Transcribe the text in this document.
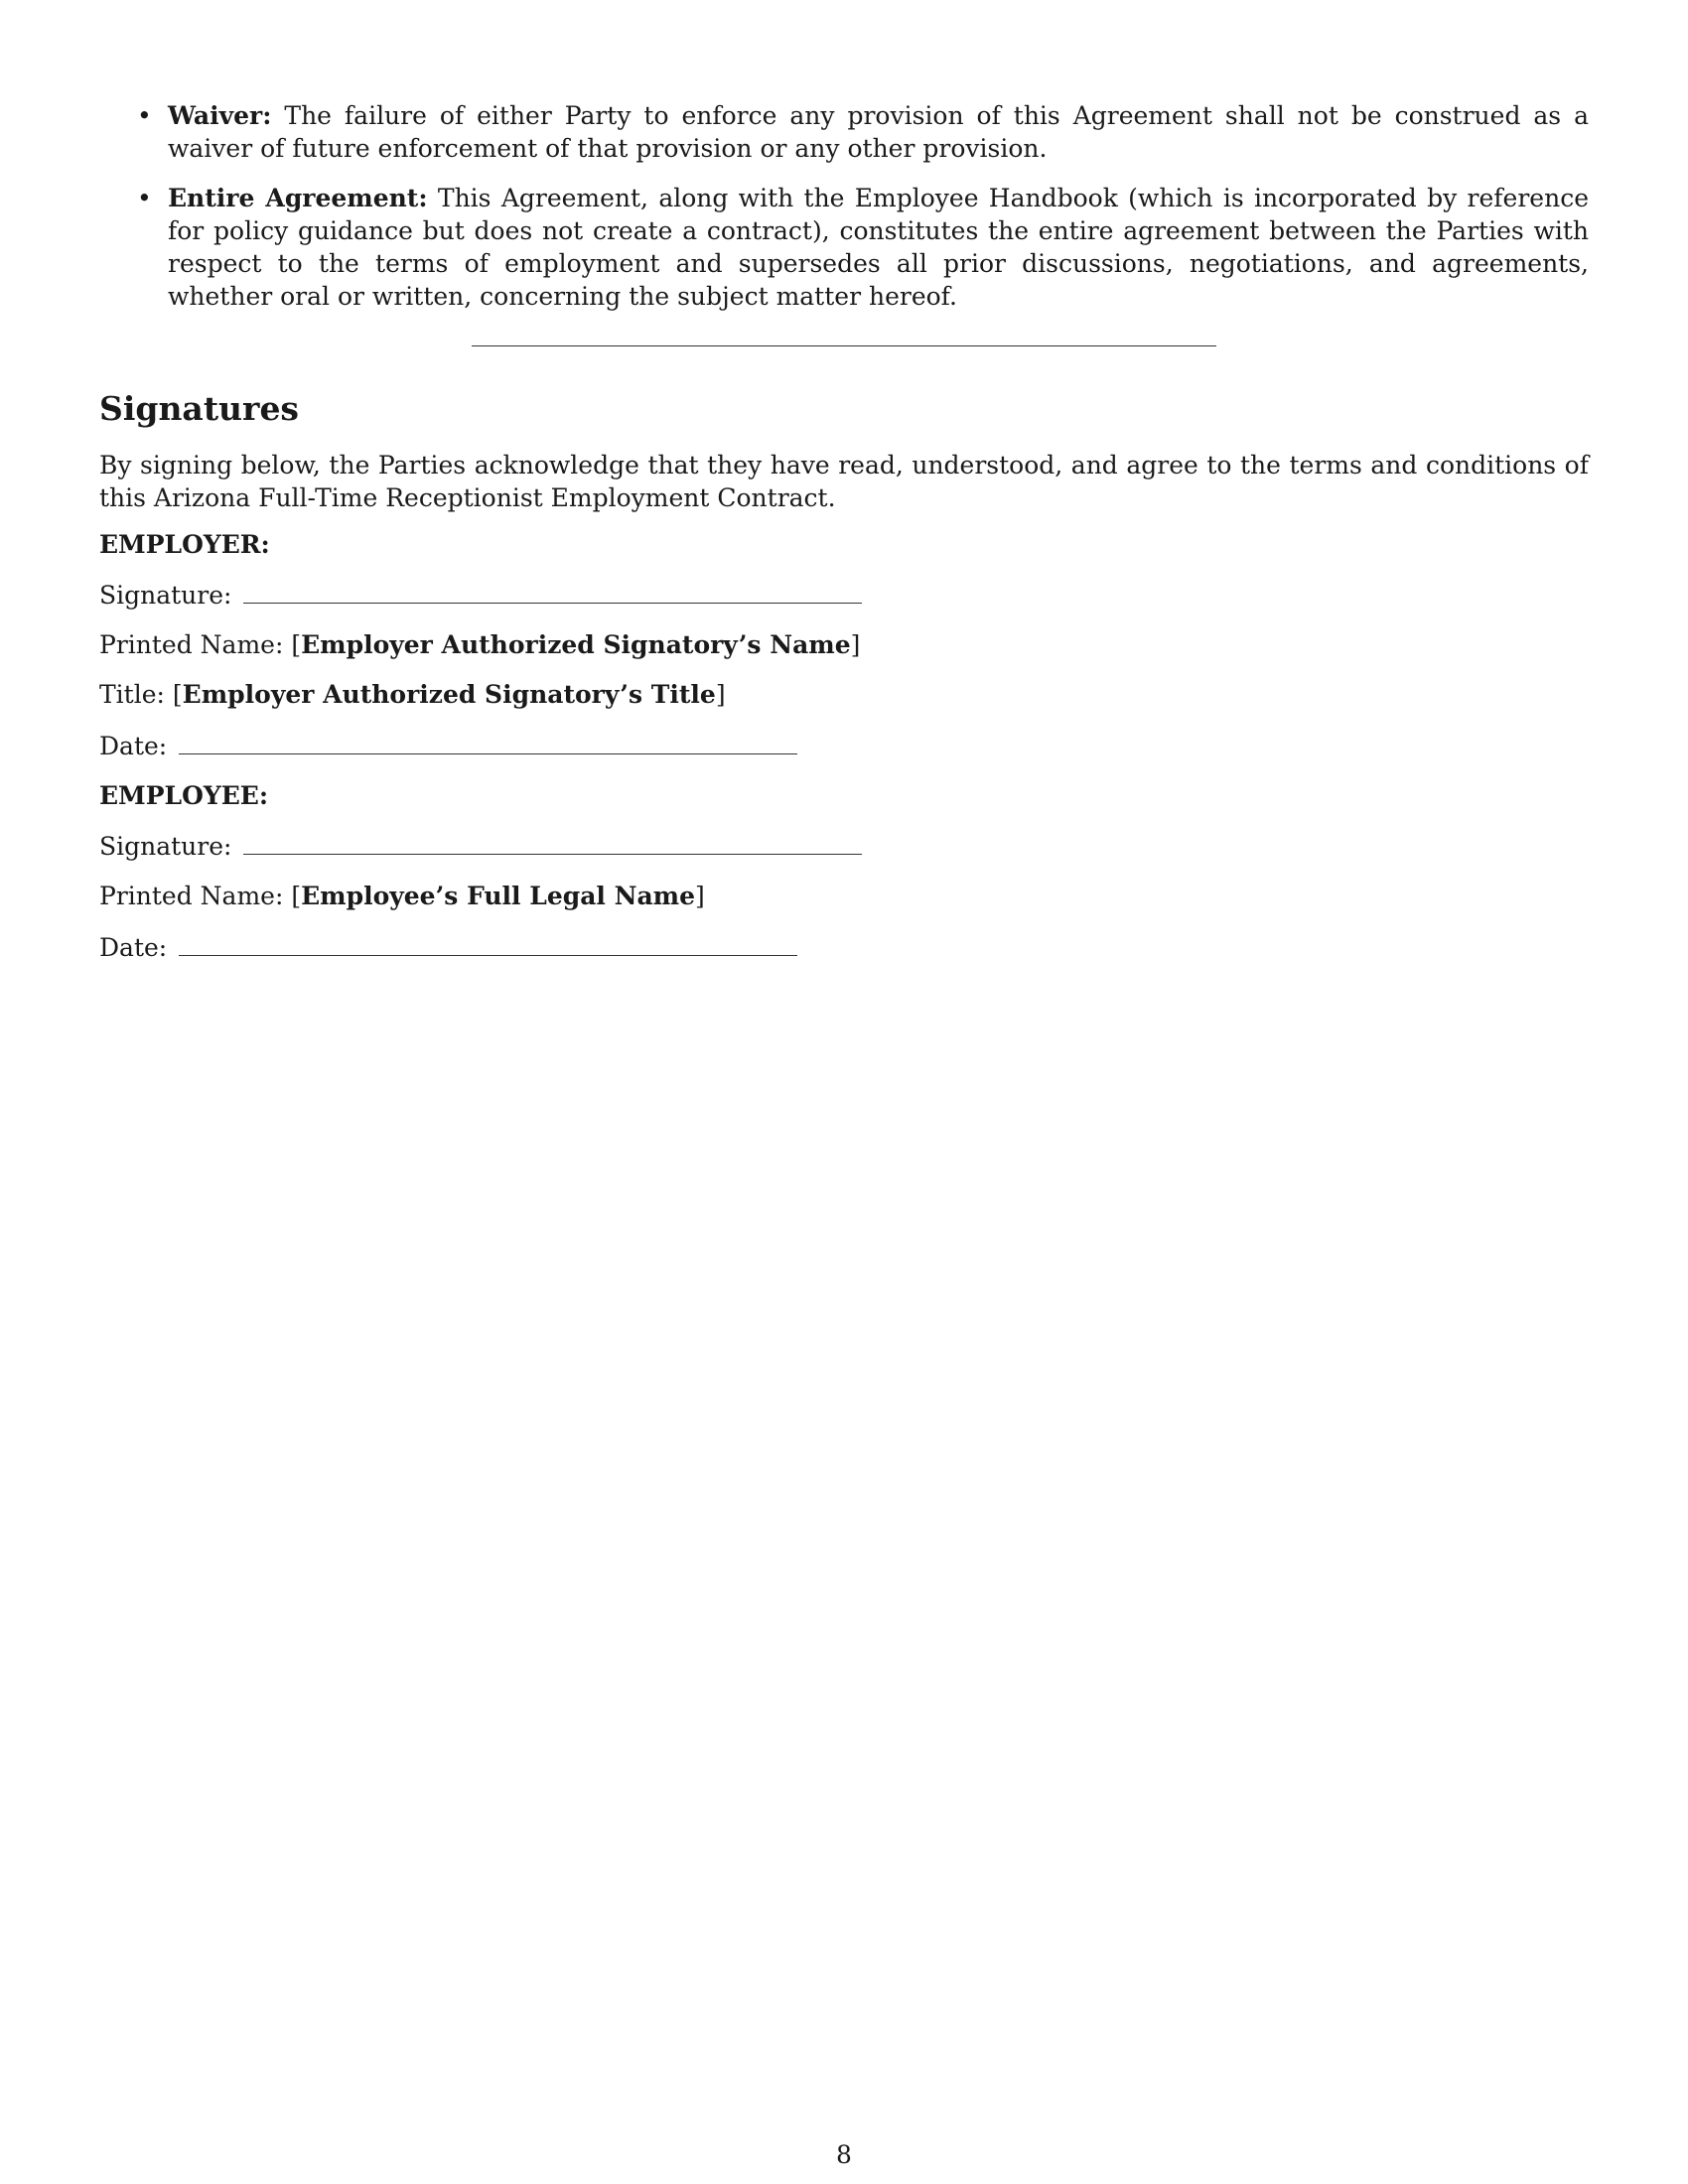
• Waiver: The failure of either Party to enforce any provision of this Agreement shall not be construed as a waiver of future enforcement of that provision or any other provision.
• Entire Agreement: This Agreement, along with the Employee Handbook (which is incorporated by reference for policy guidance but does not create a contract), constitutes the entire agreement between the Parties with respect to the terms of employment and supersedes all prior discussions, negotiations, and agreements, whether oral or written, concerning the subject matter hereof.
Signatures

By signing below, the Parties acknowledge that they have read, understood, and agree to the terms and conditions of this Arizona Full-Time Receptionist Employment Contract.

EMPLOYER:
Signature:
Printed Name: [Employer Authorized Signatory’s Name]
Title: [Employer Authorized Signatory’s Title]
Date:
EMPLOYEE:
Signature:
Printed Name: [Employee’s Full Legal Name]
Date:
8
